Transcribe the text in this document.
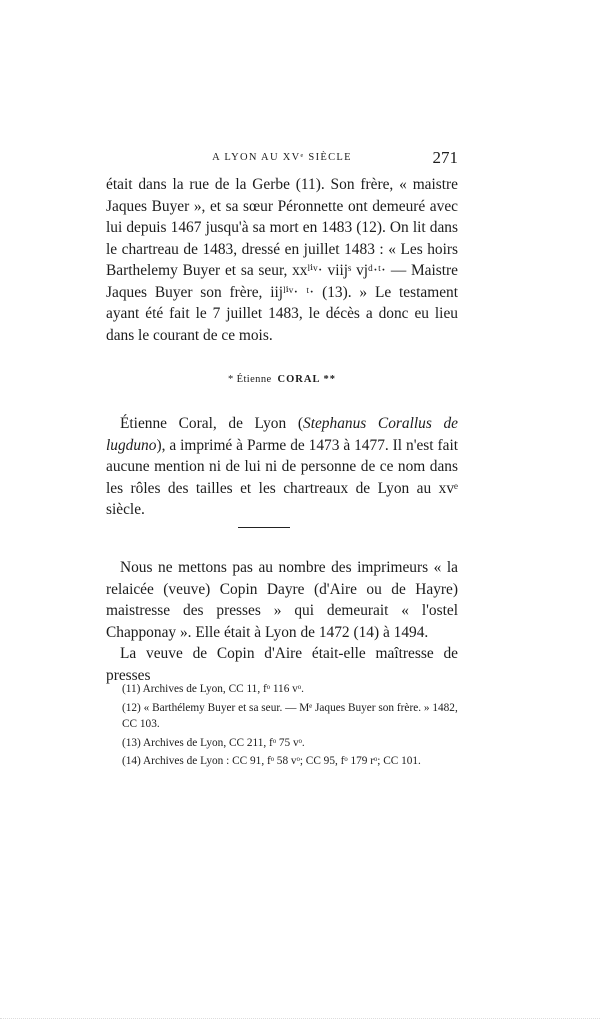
A LYON AU XVᵉ SIÈCLE	271

était dans la rue de la Gerbe (11). Son frère, « maistre Jaques Buyer », et sa sœur Péronnette ont demeuré avec lui depuis 1467 jusqu'à sa mort en 1483 (12). On lit dans le chartreau de 1483, dressé en juillet 1483 : « Les hoirs Barthelemy Buyer et sa seur, xxˡⁱᵛ· viijˢ vjᵈ·ᵗ· — Maistre Jaques Buyer son frère, iijˡⁱᵛ· ᵗ· (13). » Le testament ayant été fait le 7 juillet 1483, le décès a donc eu lieu dans le courant de ce mois.

* Étienne CORAL **

Étienne Coral, de Lyon (Stephanus Corallus de lugduno), a imprimé à Parme de 1473 à 1477. Il n'est fait aucune mention ni de lui ni de personne de ce nom dans les rôles des tailles et les chartreaux de Lyon au xvᵉ siècle.

Nous ne mettons pas au nombre des imprimeurs « la relaicée (veuve) Copin Dayre (d'Aire ou de Hayre) maistresse des presses » qui demeurait « l'ostel Chapponay ». Elle était à Lyon de 1472 (14) à 1494.

La veuve de Copin d'Aire était-elle maîtresse de presses

(11) Archives de Lyon, CC 11, fᵒ 116 vᵒ.

(12) « Barthélemy Buyer et sa seur. — Mᵉ Jaques Buyer son frère. » 1482, CC 103.

(13) Archives de Lyon, CC 211, fᵒ 75 vᵒ.

(14) Archives de Lyon : CC 91, fᵒ 58 vᵒ; CC 95, fᵒ 179 rᵒ; CC 101.
